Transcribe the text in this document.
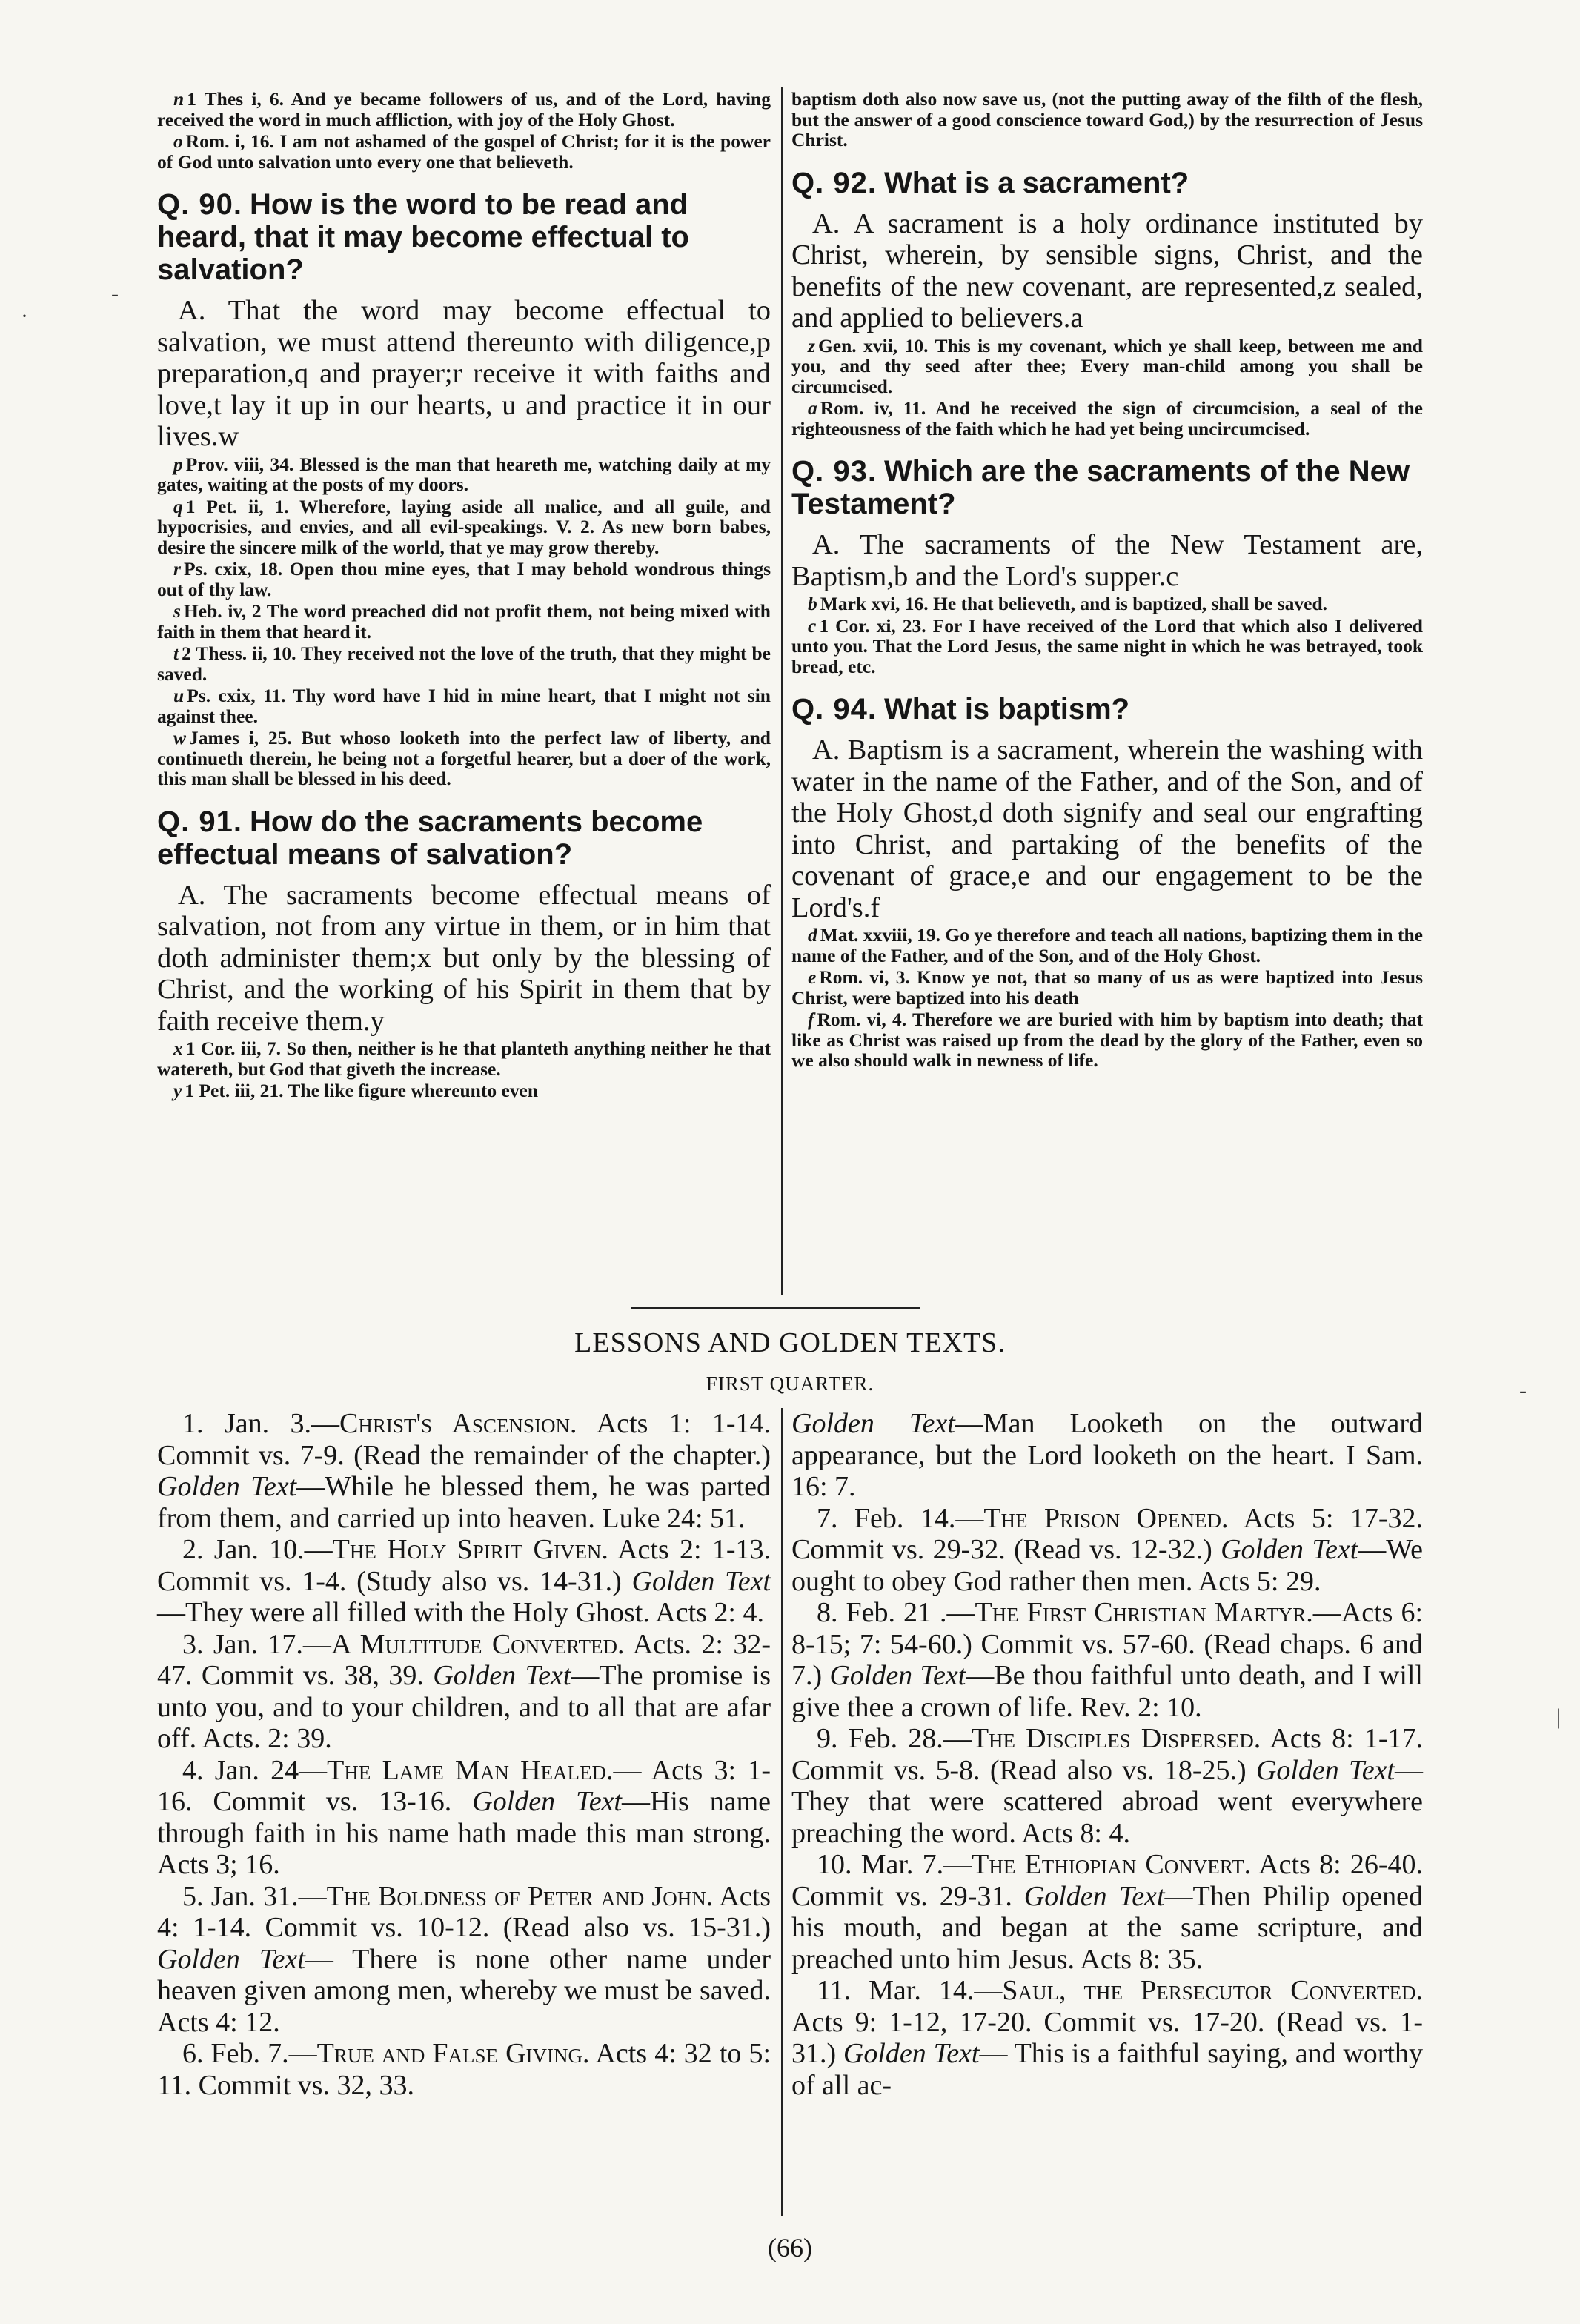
n 1 Thes i, 6. And ye became followers of us, and of the Lord, having received the word in much affliction, with joy of the Holy Ghost.

o Rom. i, 16. I am not ashamed of the gospel of Christ; for it is the power of God unto salvation unto every one that believeth.

Q. 90. How is the word to be read and heard, that it may become effectual to salvation?

A. That the word may become effectual to salvation, we must attend thereunto with diligence,p preparation,q and prayer;r receive it with faiths and love,t lay it up in our hearts, u and practice it in our lives.w

p Prov. viii, 34. Blessed is the man that heareth me, watching daily at my gates, waiting at the posts of my doors.

q 1 Pet. ii, 1. Wherefore, laying aside all malice, and all guile, and hypocrisies, and envies, and all evil-speakings. V. 2. As new born babes, desire the sincere milk of the world, that ye may grow thereby.

r Ps. cxix, 18. Open thou mine eyes, that I may behold wondrous things out of thy law.

s Heb. iv, 2 The word preached did not profit them, not being mixed with faith in them that heard it.

t 2 Thess. ii, 10. They received not the love of the truth, that they might be saved.

u Ps. cxix, 11. Thy word have I hid in mine heart, that I might not sin against thee.

w James i, 25. But whoso looketh into the perfect law of liberty, and continueth therein, he being not a forgetful hearer, but a doer of the work, this man shall be blessed in his deed.

Q. 91. How do the sacraments become effectual means of salvation?

A. The sacraments become effectual means of salvation, not from any virtue in them, or in him that doth administer them;x but only by the blessing of Christ, and the working of his Spirit in them that by faith receive them.y

x 1 Cor. iii, 7. So then, neither is he that planteth anything neither he that watereth, but God that giveth the increase.

y 1 Pet. iii, 21. The like figure whereunto even

baptism doth also now save us, (not the putting away of the filth of the flesh, but the answer of a good conscience toward God,) by the resurrection of Jesus Christ.

Q. 92. What is a sacrament?

A. A sacrament is a holy ordinance instituted by Christ, wherein, by sensible signs, Christ, and the benefits of the new covenant, are represented,z sealed, and applied to believers.a

z Gen. xvii, 10. This is my covenant, which ye shall keep, between me and you, and thy seed after thee; Every man-child among you shall be circumcised.

a Rom. iv, 11. And he received the sign of circumcision, a seal of the righteousness of the faith which he had yet being uncircumcised.

Q. 93. Which are the sacraments of the New Testament?

A. The sacraments of the New Testament are, Baptism,b and the Lord's supper.c

b Mark xvi, 16. He that believeth, and is baptized, shall be saved.

c 1 Cor. xi, 23. For I have received of the Lord that which also I delivered unto you. That the Lord Jesus, the same night in which he was betrayed, took bread, etc.

Q. 94. What is baptism?

A. Baptism is a sacrament, wherein the washing with water in the name of the Father, and of the Son, and of the Holy Ghost,d doth signify and seal our engrafting into Christ, and partaking of the benefits of the covenant of grace,e and our engagement to be the Lord's.f

d Mat. xxviii, 19. Go ye therefore and teach all nations, baptizing them in the name of the Father, and of the Son, and of the Holy Ghost.

e Rom. vi, 3. Know ye not, that so many of us as were baptized into Jesus Christ, were baptized into his death

f Rom. vi, 4. Therefore we are buried with him by baptism into death; that like as Christ was raised up from the dead by the glory of the Father, even so we also should walk in newness of life.

LESSONS AND GOLDEN TEXTS.
FIRST QUARTER.

1. Jan. 3.—Christ's Ascension. Acts 1: 1-14. Commit vs. 7-9. (Read the remainder of the chapter.) Golden Text—While he blessed them, he was parted from them, and carried up into heaven. Luke 24: 51.

2. Jan. 10.—The Holy Spirit Given. Acts 2: 1-13. Commit vs. 1-4. (Study also vs. 14-31.) Golden Text—They were all filled with the Holy Ghost. Acts 2: 4.

3. Jan. 17.—A Multitude Converted. Acts. 2: 32-47. Commit vs. 38, 39. Golden Text—The promise is unto you, and to your children, and to all that are afar off. Acts. 2: 39.

4. Jan. 24—The Lame Man Healed.— Acts 3: 1-16. Commit vs. 13-16. Golden Text—His name through faith in his name hath made this man strong. Acts 3; 16.

5. Jan. 31.—The Boldness of Peter and John. Acts 4: 1-14. Commit vs. 10-12. (Read also vs. 15-31.) Golden Text— There is none other name under heaven given among men, whereby we must be saved. Acts 4: 12.

6. Feb. 7.—True and False Giving. Acts 4: 32 to 5: 11. Commit vs. 32, 33.

Golden Text—Man Looketh on the outward appearance, but the Lord looketh on the heart. I Sam. 16: 7.

7. Feb. 14.—The Prison Opened. Acts 5: 17-32. Commit vs. 29-32. (Read vs. 12-32.) Golden Text—We ought to obey God rather then men. Acts 5: 29.

8. Feb. 21 .—The First Christian Martyr.—Acts 6: 8-15; 7: 54-60.) Commit vs. 57-60. (Read chaps. 6 and 7.) Golden Text—Be thou faithful unto death, and I will give thee a crown of life. Rev. 2: 10.

9. Feb. 28.—The Disciples Dispersed. Acts 8: 1-17. Commit vs. 5-8. (Read also vs. 18-25.) Golden Text—They that were scattered abroad went everywhere preaching the word. Acts 8: 4.

10. Mar. 7.—The Ethiopian Convert. Acts 8: 26-40. Commit vs. 29-31. Golden Text—Then Philip opened his mouth, and began at the same scripture, and preached unto him Jesus. Acts 8: 35.

11. Mar. 14.—Saul, the Persecutor Converted. Acts 9: 1-12, 17-20. Commit vs. 17-20. (Read vs. 1-31.) Golden Text— This is a faithful saying, and worthy of all ac-

(66)
-
·
-
|
